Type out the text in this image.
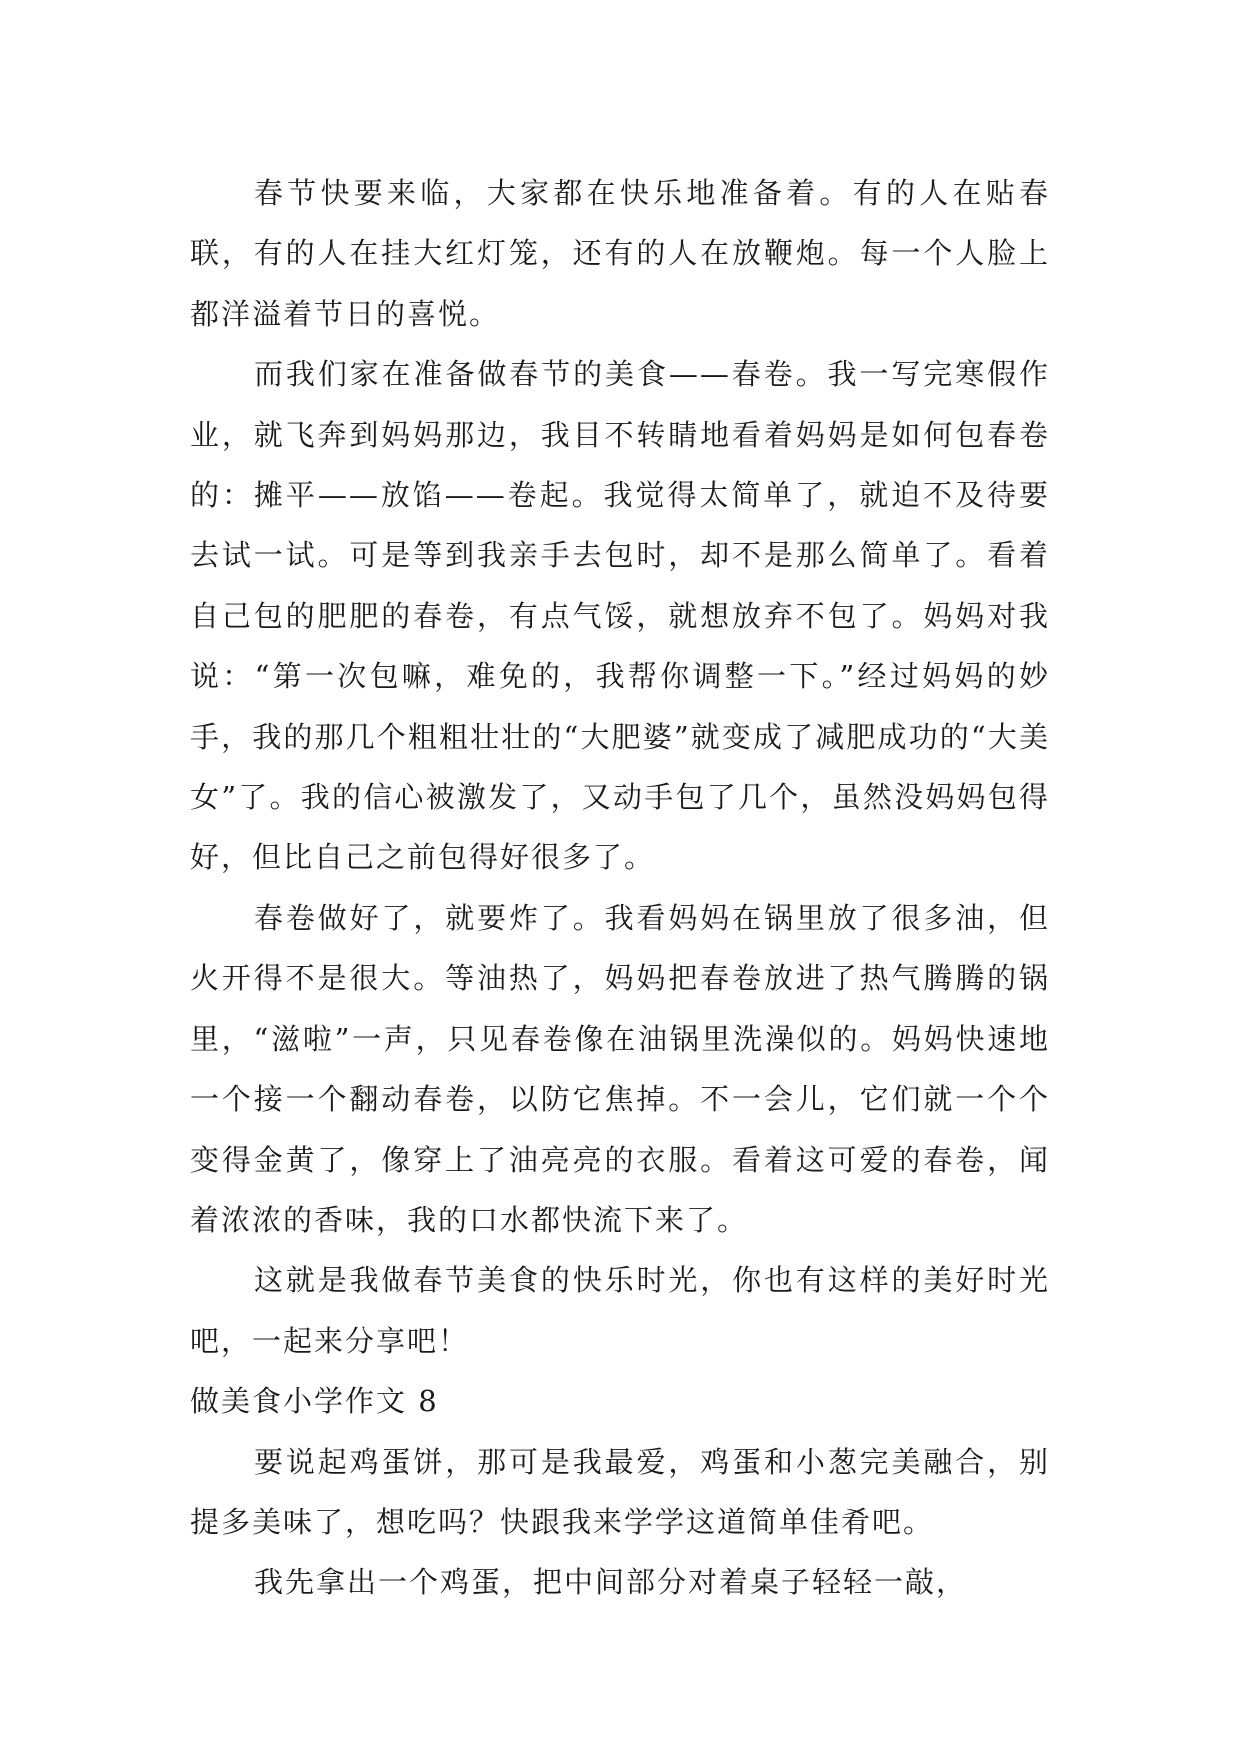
春节快要来临，大家都在快乐地准备着。有的人在贴春联，有的人在挂大红灯笼，还有的人在放鞭炮。每一个人脸上都洋溢着节日的喜悦。

而我们家在准备做春节的美食——春卷。我一写完寒假作业，就飞奔到妈妈那边，我目不转睛地看着妈妈是如何包春卷的：摊平——放馅——卷起。我觉得太简单了，就迫不及待要去试一试。可是等到我亲手去包时，却不是那么简单了。看着自己包的肥肥的春卷，有点气馁，就想放弃不包了。妈妈对我说：“第一次包嘛，难免的，我帮你调整一下。”经过妈妈的妙手，我的那几个粗粗壮壮的“大肥婆”就变成了减肥成功的“大美女”了。我的信心被激发了，又动手包了几个，虽然没妈妈包得好，但比自己之前包得好很多了。

春卷做好了，就要炸了。我看妈妈在锅里放了很多油，但火开得不是很大。等油热了，妈妈把春卷放进了热气腾腾的锅里，“滋啦”一声，只见春卷像在油锅里洗澡似的。妈妈快速地一个接一个翻动春卷，以防它焦掉。不一会儿，它们就一个个变得金黄了，像穿上了油亮亮的衣服。看着这可爱的春卷，闻着浓浓的香味，我的口水都快流下来了。

这就是我做春节美食的快乐时光，你也有这样的美好时光吧，一起来分享吧！

做美食小学作文 8

要说起鸡蛋饼，那可是我最爱，鸡蛋和小葱完美融合，别提多美味了，想吃吗？快跟我来学学这道简单佳肴吧。

我先拿出一个鸡蛋，把中间部分对着桌子轻轻一敲，
